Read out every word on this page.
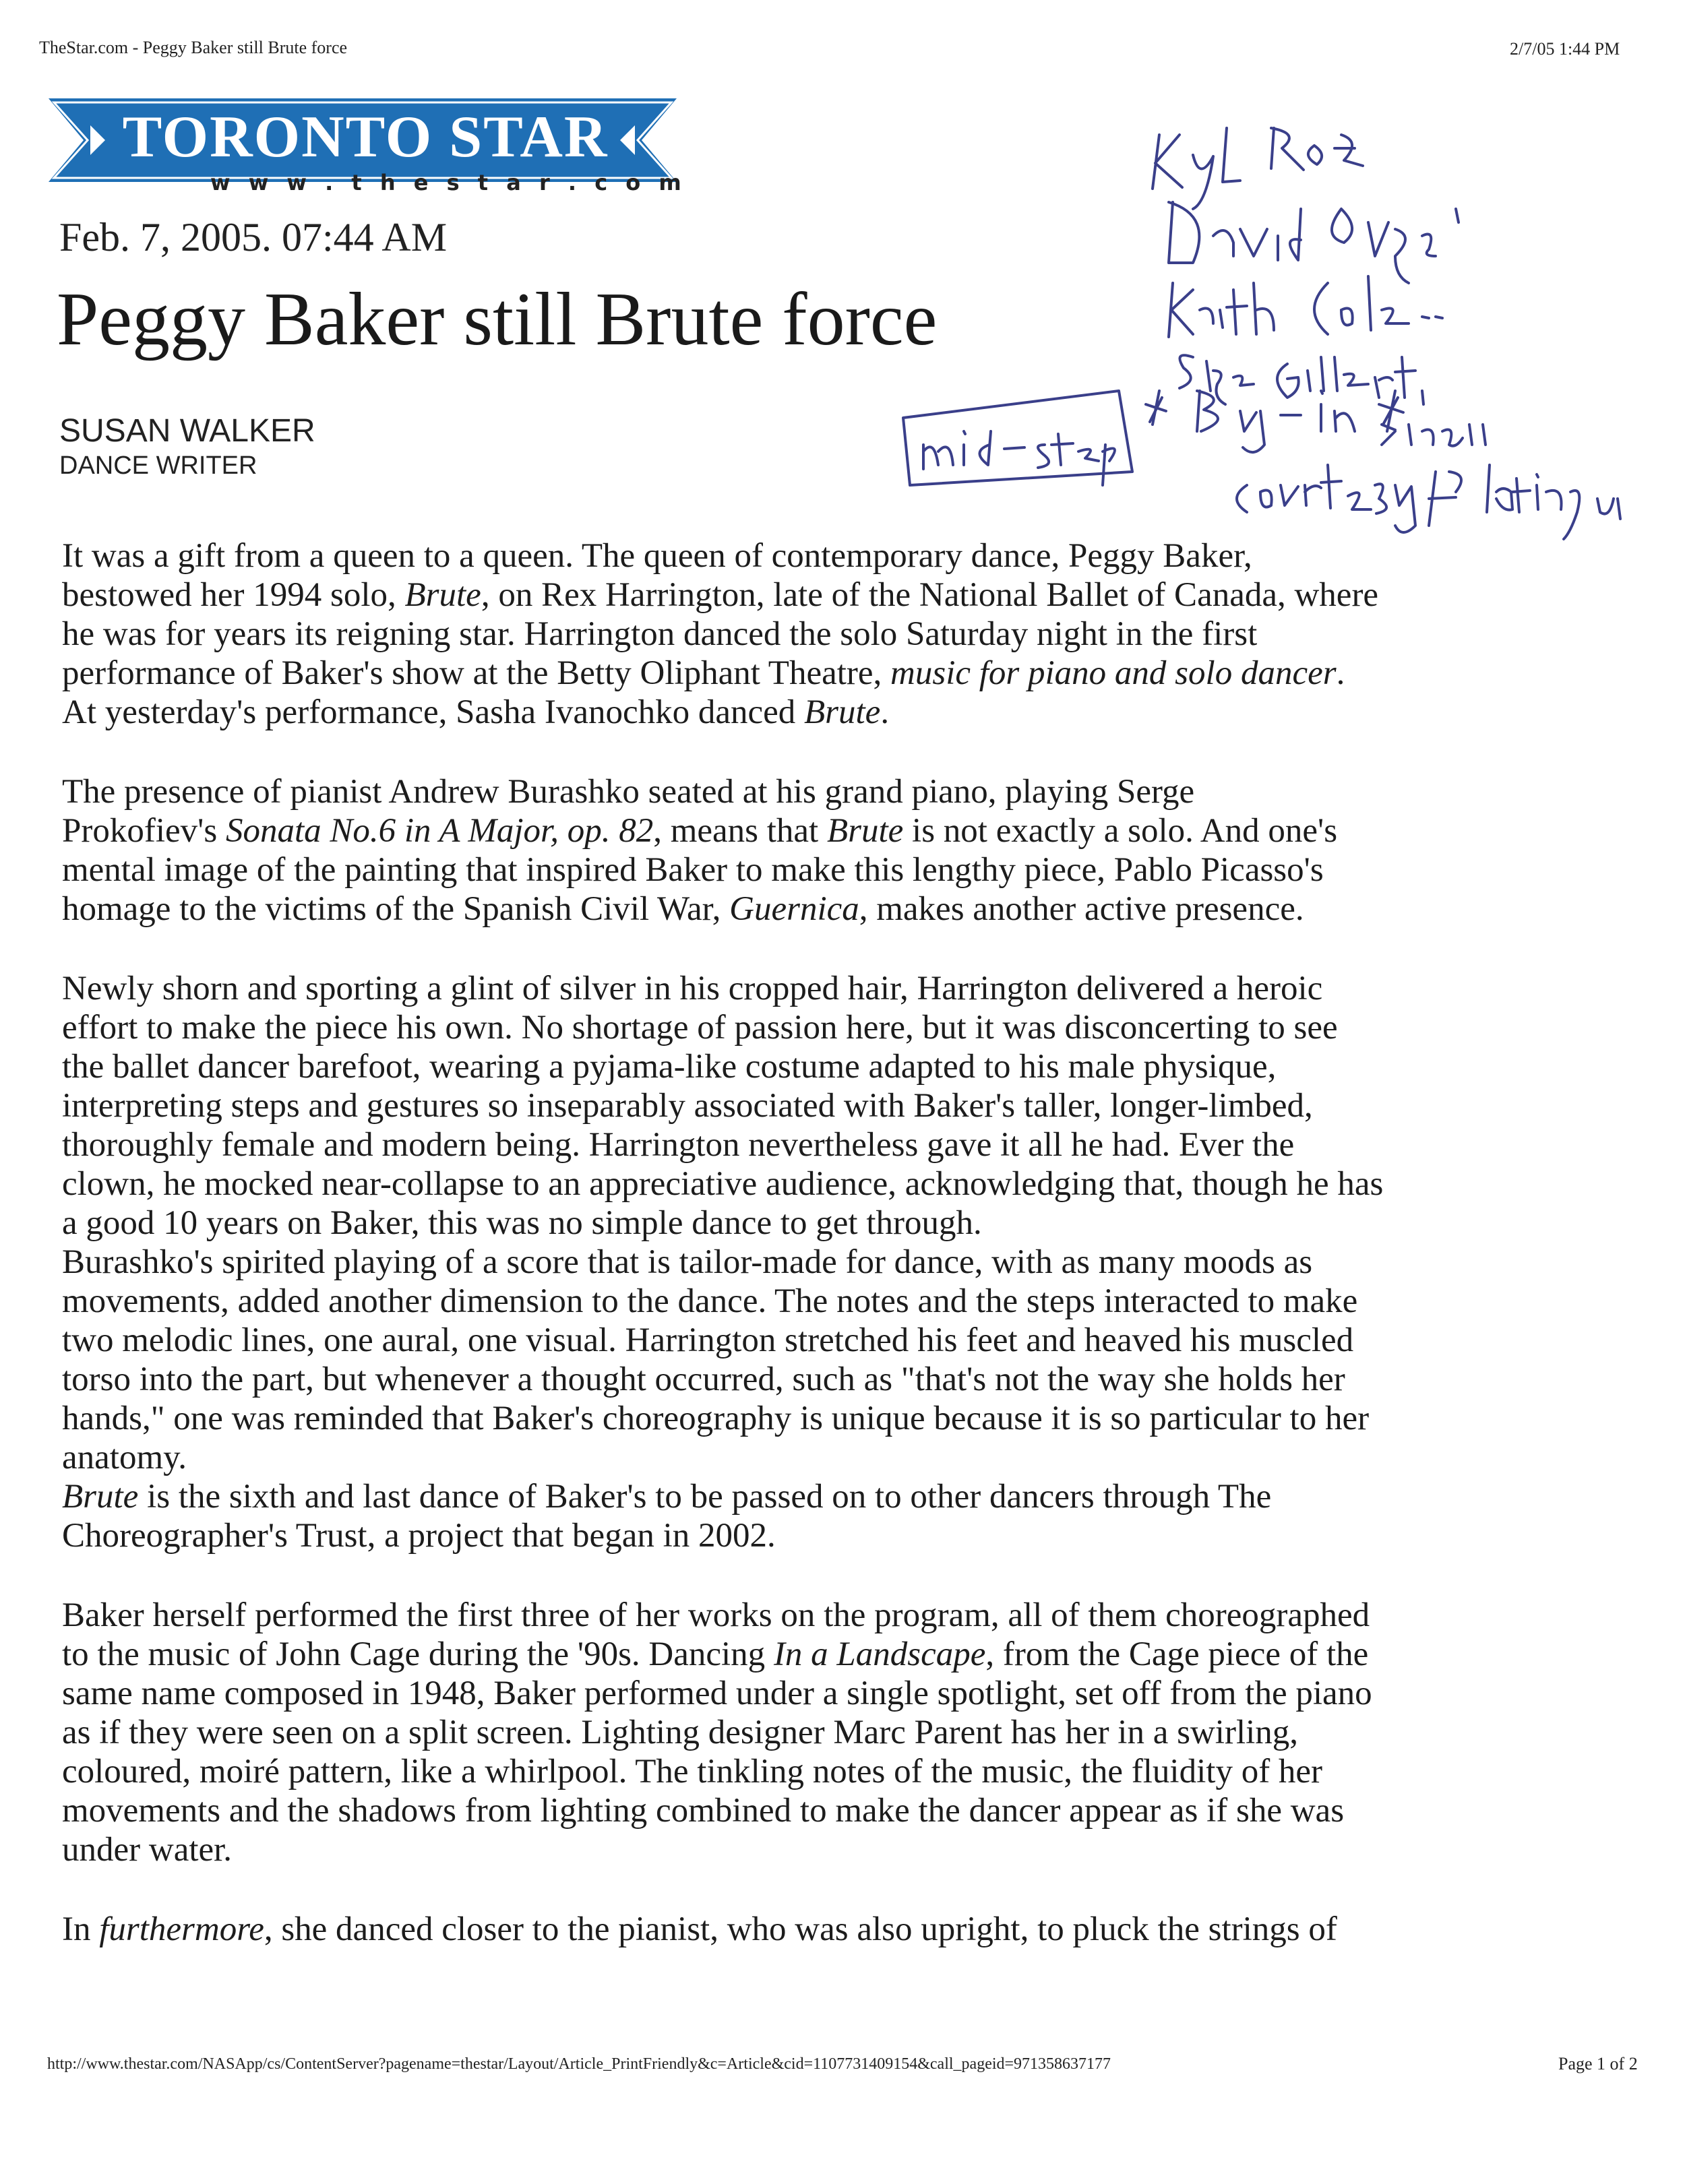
TheStar.com - Peggy Baker still Brute force	2/7/05 1:44 PM
TORONTO STAR
w w w . t h e s t a r . c o m
Feb. 7, 2005. 07:44 AM
Peggy Baker still Brute force
SUSAN WALKER
DANCE WRITER

It was a gift from a queen to a queen. The queen of contemporary dance, Peggy Baker,

bestowed her 1994 solo, Brute, on Rex Harrington, late of the National Ballet of Canada, where

he was for years its reigning star. Harrington danced the solo Saturday night in the first

performance of Baker's show at the Betty Oliphant Theatre, music for piano and solo dancer.

At yesterday's performance, Sasha Ivanochko danced Brute.

The presence of pianist Andrew Burashko seated at his grand piano, playing Serge

Prokofiev's Sonata No.6 in A Major, op. 82, means that Brute is not exactly a solo. And one's

mental image of the painting that inspired Baker to make this lengthy piece, Pablo Picasso's

homage to the victims of the Spanish Civil War, Guernica, makes another active presence.

Newly shorn and sporting a glint of silver in his cropped hair, Harrington delivered a heroic

effort to make the piece his own. No shortage of passion here, but it was disconcerting to see

the ballet dancer barefoot, wearing a pyjama-like costume adapted to his male physique,

interpreting steps and gestures so inseparably associated with Baker's taller, longer-limbed,

thoroughly female and modern being. Harrington nevertheless gave it all he had. Ever the

clown, he mocked near-collapse to an appreciative audience, acknowledging that, though he has

a good 10 years on Baker, this was no simple dance to get through.

Burashko's spirited playing of a score that is tailor-made for dance, with as many moods as

movements, added another dimension to the dance. The notes and the steps interacted to make

two melodic lines, one aural, one visual. Harrington stretched his feet and heaved his muscled

torso into the part, but whenever a thought occurred, such as "that's not the way she holds her

hands," one was reminded that Baker's choreography is unique because it is so particular to her

anatomy.

Brute is the sixth and last dance of Baker's to be passed on to other dancers through The

Choreographer's Trust, a project that began in 2002.

Baker herself performed the first three of her works on the program, all of them choreographed

to the music of John Cage during the '90s. Dancing In a Landscape, from the Cage piece of the

same name composed in 1948, Baker performed under a single spotlight, set off from the piano

as if they were seen on a split screen. Lighting designer Marc Parent has her in a swirling,

coloured, moiré pattern, like a whirlpool. The tinkling notes of the music, the fluidity of her

movements and the shadows from lighting combined to make the dancer appear as if she was

under water.

In furthermore, she danced closer to the pianist, who was also upright, to pluck the strings of

http://www.thestar.com/NASApp/cs/ContentServer?pagename=thestar/Layout/Article_PrintFriendly&c=Article&cid=1107731409154&call_pageid=971358637177	Page 1 of 2
